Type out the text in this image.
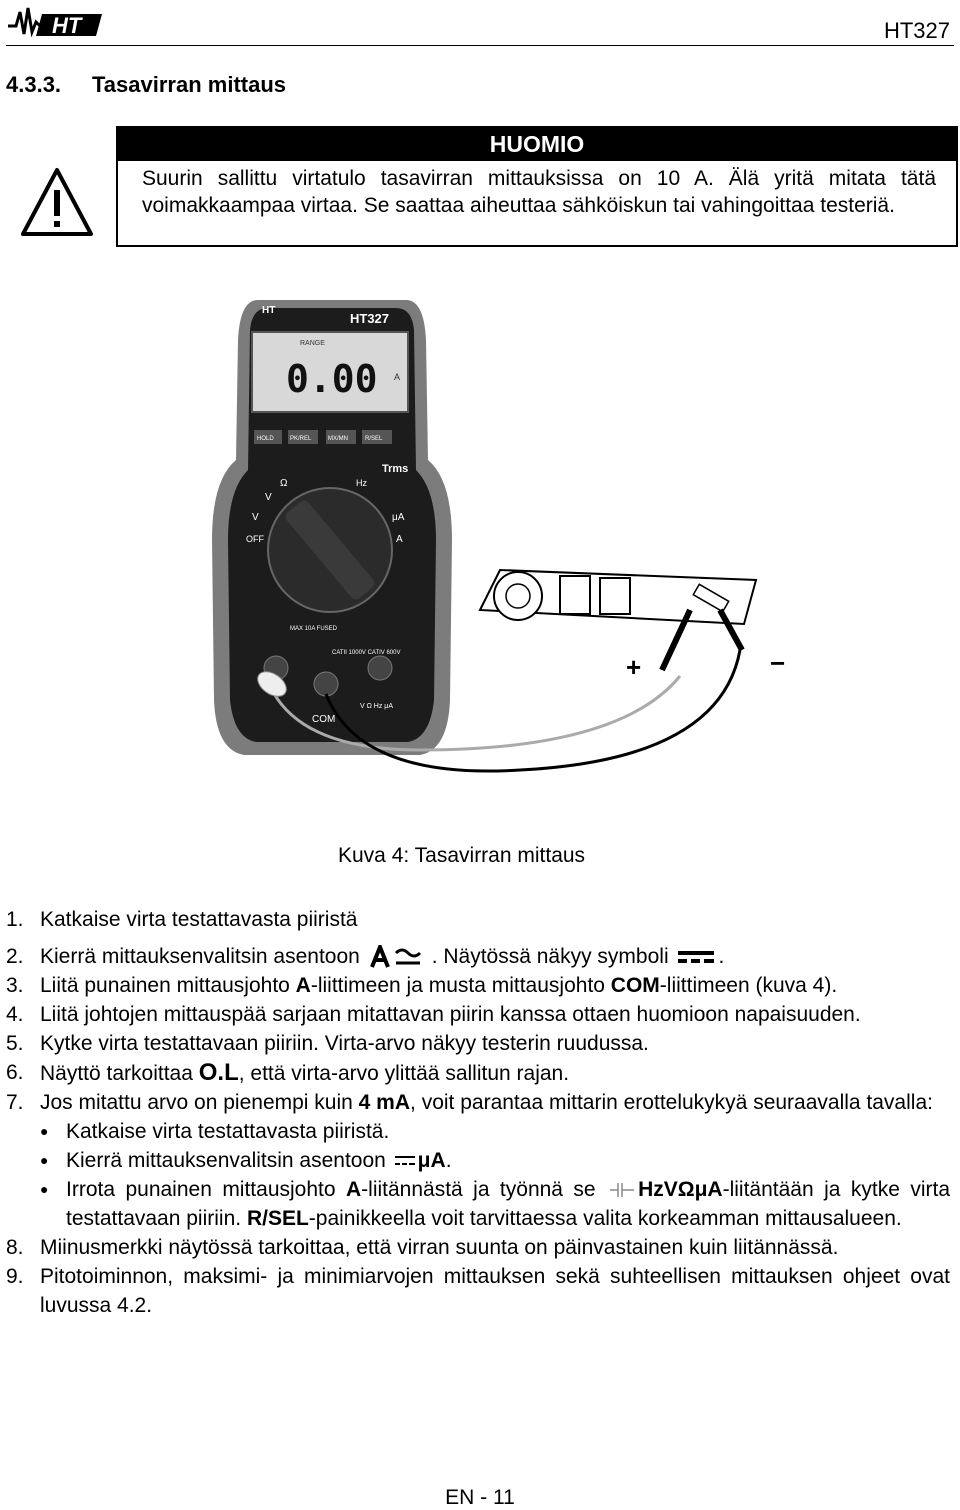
HT	HT327
4.3.3. Tasavirran mittaus
HUOMIO
Suurin sallittu virtatulo tasavirran mittauksissa on 10 A. Älä yritä mitata tätä voimakkaampaa virtaa. Se saattaa aiheuttaa sähköiskun tai vahingoittaa testeriä.
HT
HT327
RANGE
0.00 A
HOLD	PK/REL	MX/MN	R/SEL
Trms
V
Ω	Hz
V	μA
A
OFF
MAX 10A FUSED
CATII 1000V CATIV 600V
COM
V Ω Hz μA
+	−
Kuva 4: Tasavirran mittaus
1. Katkaise virta testattavasta piiristä
2. Kierrä mittauksenvalitsin asentoon	. Näytössä näkyy symboli .
3. Liitä punainen mittausjohto A-liittimeen ja musta mittausjohto COM-liittimeen (kuva 4).
4. Liitä johtojen mittauspää sarjaan mitattavan piirin kanssa ottaen huomioon napaisuuden.
5. Kytke virta testattavaan piiriin. Virta-arvo näkyy testerin ruudussa.
6. Näyttö tarkoittaa O.L, että virta-arvo ylittää sallitun rajan.
7. Jos mitattu arvo on pienempi kuin 4 mA, voit parantaa mittarin erottelukykyä seuraavalla tavalla:
● Katkaise virta testattavasta piiristä.
● Kierrä mittauksenvalitsin asentoon μA.
● Irrota punainen mittausjohto A-liitännästä ja työnnä se HzVΩμA-liitäntään ja kytke virta testattavaan piiriin. R/SEL-painikkeella voit tarvittaessa valita korkeamman mittausalueen.
8. Miinusmerkki näytössä tarkoittaa, että virran suunta on päinvastainen kuin liitännässä.
9. Pitotoiminnon, maksimi- ja minimiarvojen mittauksen sekä suhteellisen mittauksen ohjeet ovat luvussa 4.2.
EN - 11
